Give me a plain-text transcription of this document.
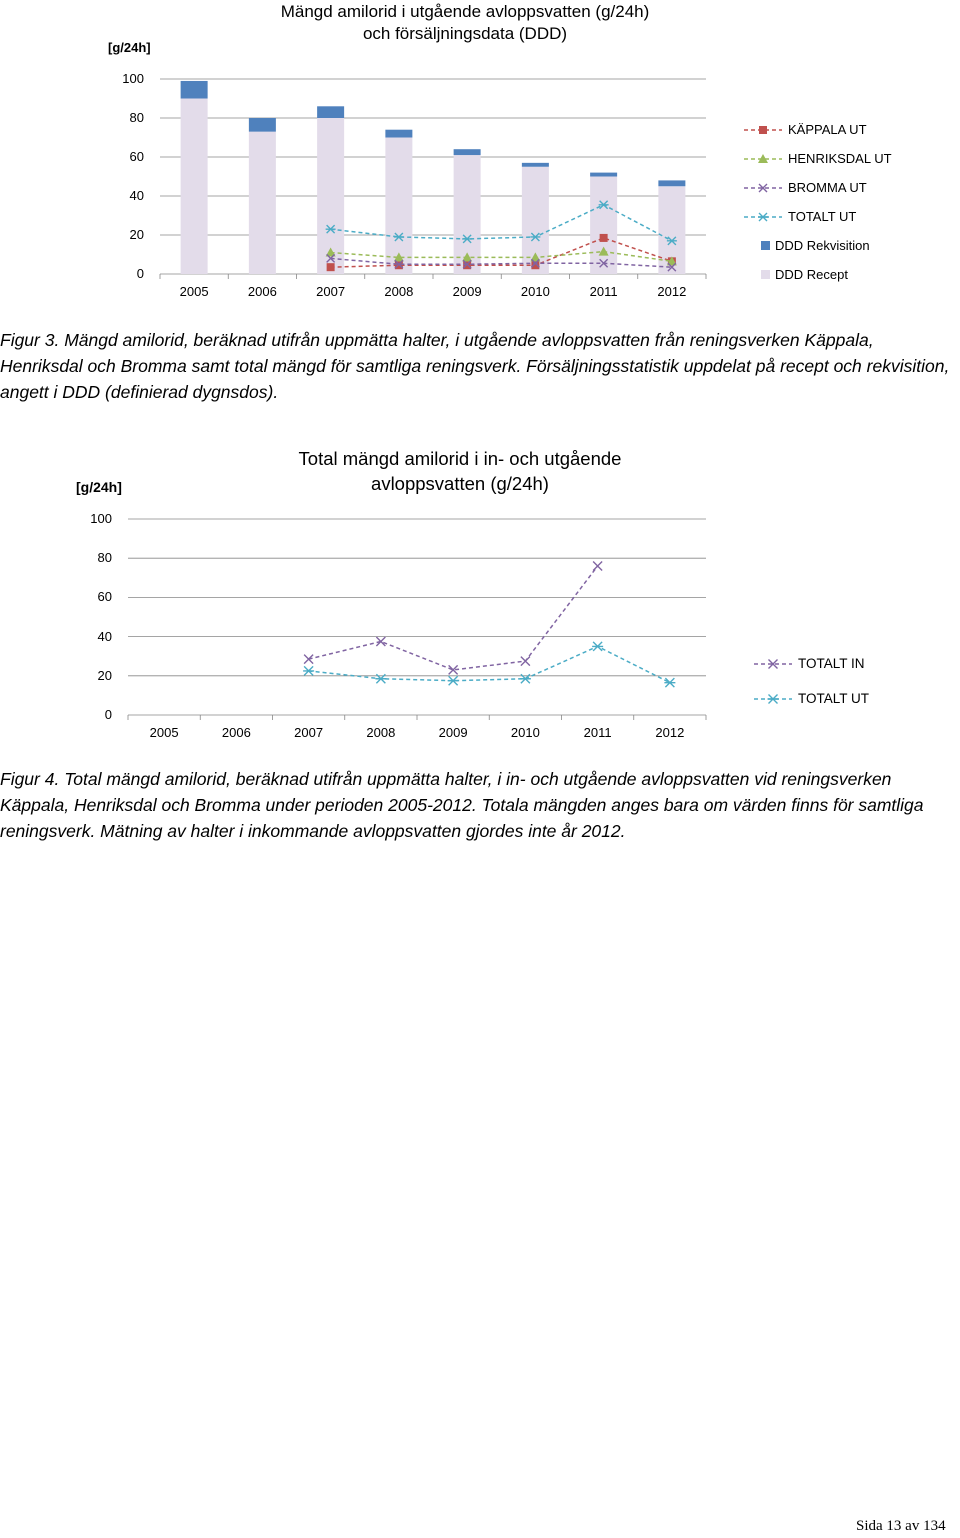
Mängd amilorid i utgående avloppsvatten (g/24h)
och försäljningsdata (DDD)
[g/24h]
0
20
40
60
80
100
2005	2006	2007	2008	2009	2010	2011	2012
KÄPPALA UT
HENRIKSDAL UT
BROMMA UT
TOTALT UT
DDD Rekvisition
DDD Recept
Figur 3. Mängd amilorid, beräknad utifrån uppmätta halter, i utgående avloppsvatten från reningsverken Käppala, Henriksdal och Bromma samt total mängd för samtliga reningsverk. Försäljningsstatistik uppdelat på recept och rekvisition, angett i DDD (definierad dygnsdos).
Total mängd amilorid i in- och utgående
avloppsvatten (g/24h)
[g/24h]
0
20
40
60
80
100
2005	2006	2007	2008	2009	2010	2011	2012
TOTALT IN
TOTALT UT
Figur 4. Total mängd amilorid, beräknad utifrån uppmätta halter, i in- och utgående avloppsvatten vid reningsverken Käppala, Henriksdal och Bromma under perioden 2005-2012. Totala mängden anges bara om värden finns för samtliga reningsverk. Mätning av halter i inkommande avloppsvatten gjordes inte år 2012.
Sida 13 av 134
